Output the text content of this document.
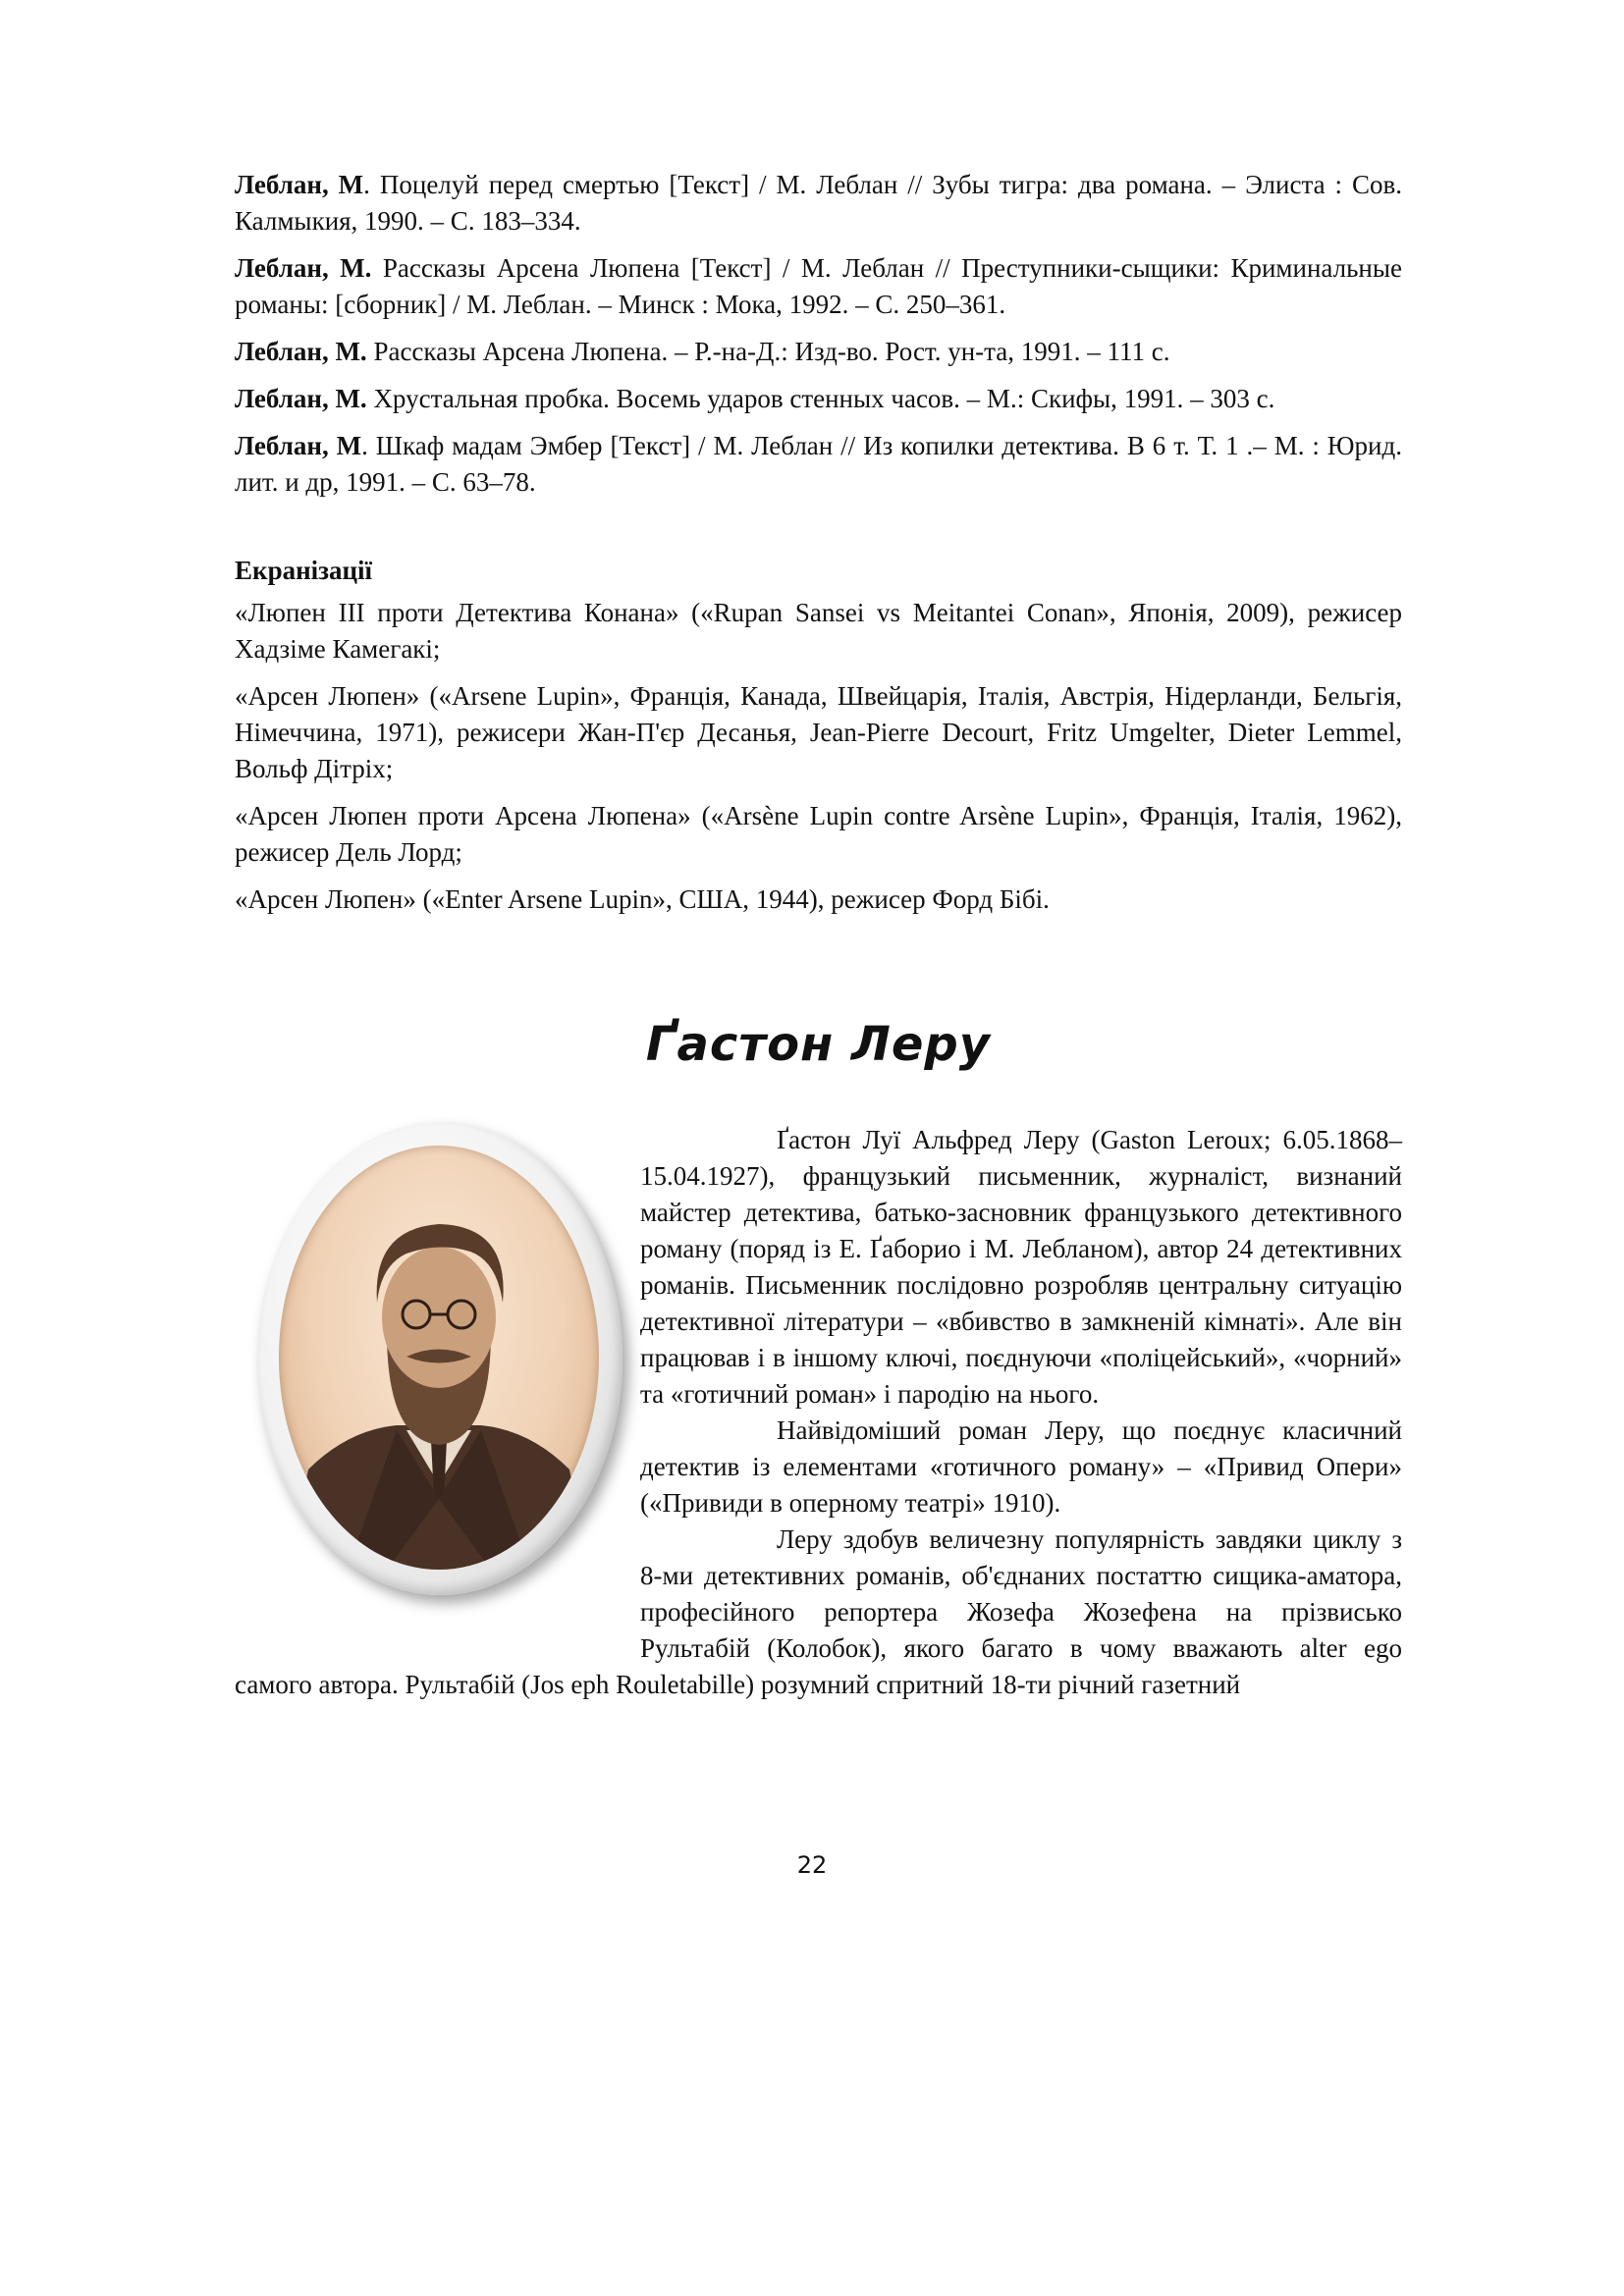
Леблан, М. Поцелуй перед смертью [Текст] / М. Леблан // Зубы тигра: два романа. – Элиста : Сов. Калмыкия, 1990. – С. 183–334.

Леблан, М. Рассказы Арсена Люпена [Текст] / М. Леблан // Преступники-сыщики: Криминальные романы: [сборник] / М. Леблан. – Минск : Мока, 1992. – С. 250–361.

Леблан, М. Рассказы Арсена Люпена. – Р.-на-Д.: Изд-во. Рост. ун-та, 1991. – 111 с.

Леблан, М. Хрустальная пробка. Восемь ударов стенных часов. – М.: Скифы, 1991. – 303 с.

Леблан, М. Шкаф мадам Эмбер [Текст] / М. Леблан // Из копилки детектива. В 6 т. Т. 1 .– М. : Юрид. лит. и др, 1991. – С. 63–78.

Екранізації

«Люпен III проти Детектива Конана» («Rupan Sansei vs Meitantei Conan», Японія, 2009), режисер Хадзіме Камегакі;

«Арсен Люпен» («Arsene Lupin», Франція, Канада, Швейцарія, Італія, Австрія, Нідерланди, Бельгія, Німеччина, 1971), режисери Жан-П'єр Десанья, Jean-Pierre Decourt, Fritz Umgelter, Dieter Lemmel, Вольф Дітріх;

«Арсен Люпен проти Арсена Люпена» («Arsène Lupin contre Arsène Lupin», Франція, Італія, 1962), режисер Дель Лорд;

«Арсен Люпен» («Enter Arsene Lupin», США, 1944), режисер Форд Бібі.

Ґастон Леру

Ґастон Луї Альфред Леру (Gaston Leroux; 6.05.1868–15.04.1927), французький письменник, журналіст, визнаний майстер детектива, батько-засновник французького детективного роману (поряд із Е. Ґаборио і М. Лебланом), автор 24 детективних романів. Письменник послідовно розробляв центральну ситуацію детективної літератури – «вбивство в замкненій кімнаті». Але він працював і в іншому ключі, поєднуючи «поліцейський», «чорний» та «готичний роман» і пародію на нього.

Найвідоміший роман Леру, що поєднує класичний детектив із елементами «готичного роману» – «Привид Опери» («Привиди в оперному театрі» 1910).

Леру здобув величезну популярність завдяки циклу з 8-ми детективних романів, об'єднаних постаттю сищика-аматора, професійного репортера Жозефа Жозефена на прізвисько Рультабій (Колобок), якого багато в чому вважають alter ego самого автора. Рультабій (Jos eph Rouletabille) розумний спритний 18-ти річний газетний

22
